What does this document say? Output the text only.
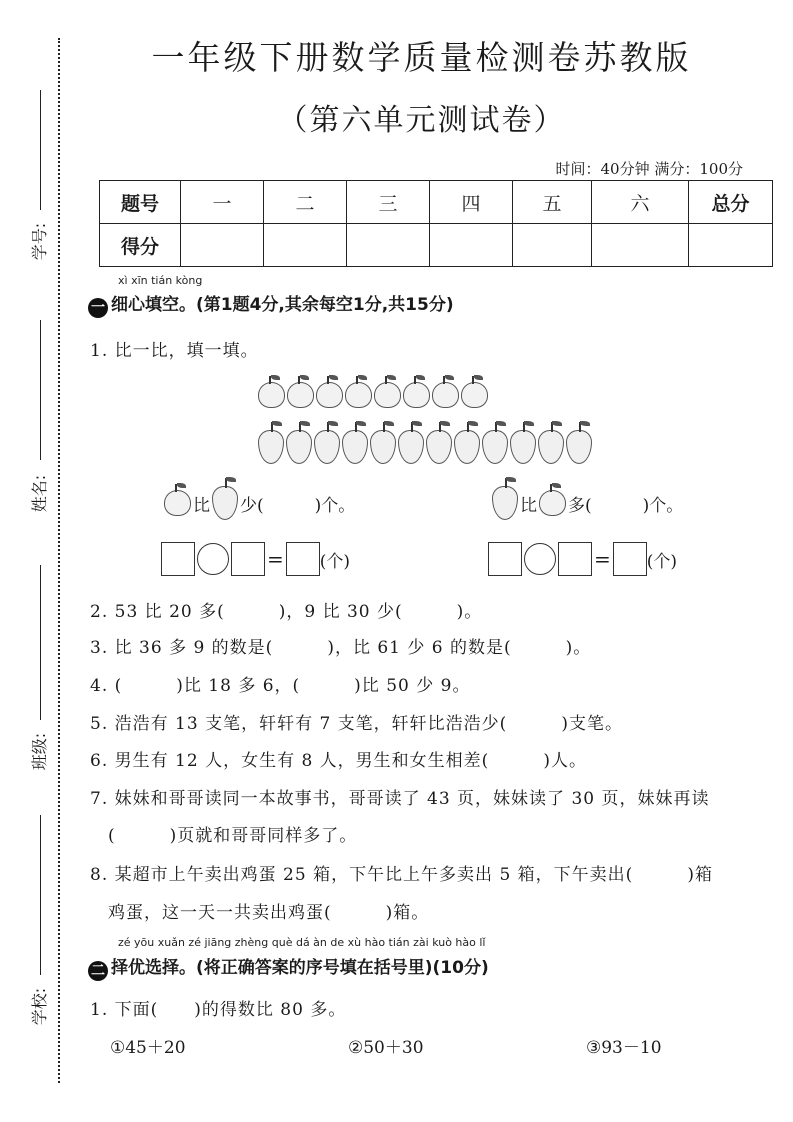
学号:
姓名:
班级:
学校:
一年级下册数学质量检测卷苏教版
（第六单元测试卷）
时间：40分钟 满分：100分
题号	一	二	三	四	五	六	总分
得分							
xì xīn tián kòng
一 细心填空。(第1题4分,其余每空1分,共15分)
1. 比一比，填一填。
比 少(　　　)个。	比 多(　　　)个。
= (个)	= (个)
2. 53 比 20 多(　　　)，9 比 30 少(　　　)。
3. 比 36 多 9 的数是(　　　)，比 61 少 6 的数是(　　　)。
4. (　　　)比 18 多 6，(　　　)比 50 少 9。
5. 浩浩有 13 支笔，轩轩有 7 支笔，轩轩比浩浩少(　　　)支笔。
6. 男生有 12 人，女生有 8 人，男生和女生相差(　　　)人。
7. 妹妹和哥哥读同一本故事书，哥哥读了 43 页，妹妹读了 30 页，妹妹再读
(　　　)页就和哥哥同样多了。
8. 某超市上午卖出鸡蛋 25 箱，下午比上午多卖出 5 箱，下午卖出(　　　)箱
鸡蛋，这一天一共卖出鸡蛋(　　　)箱。
zé yōu xuǎn zé jiāng zhèng què dá àn de xù hào tián zài kuò hào lǐ
二 择优选择。(将正确答案的序号填在括号里)(10分)
1. 下面(　　)的得数比 80 多。
①45＋20	②50＋30	③93－10
